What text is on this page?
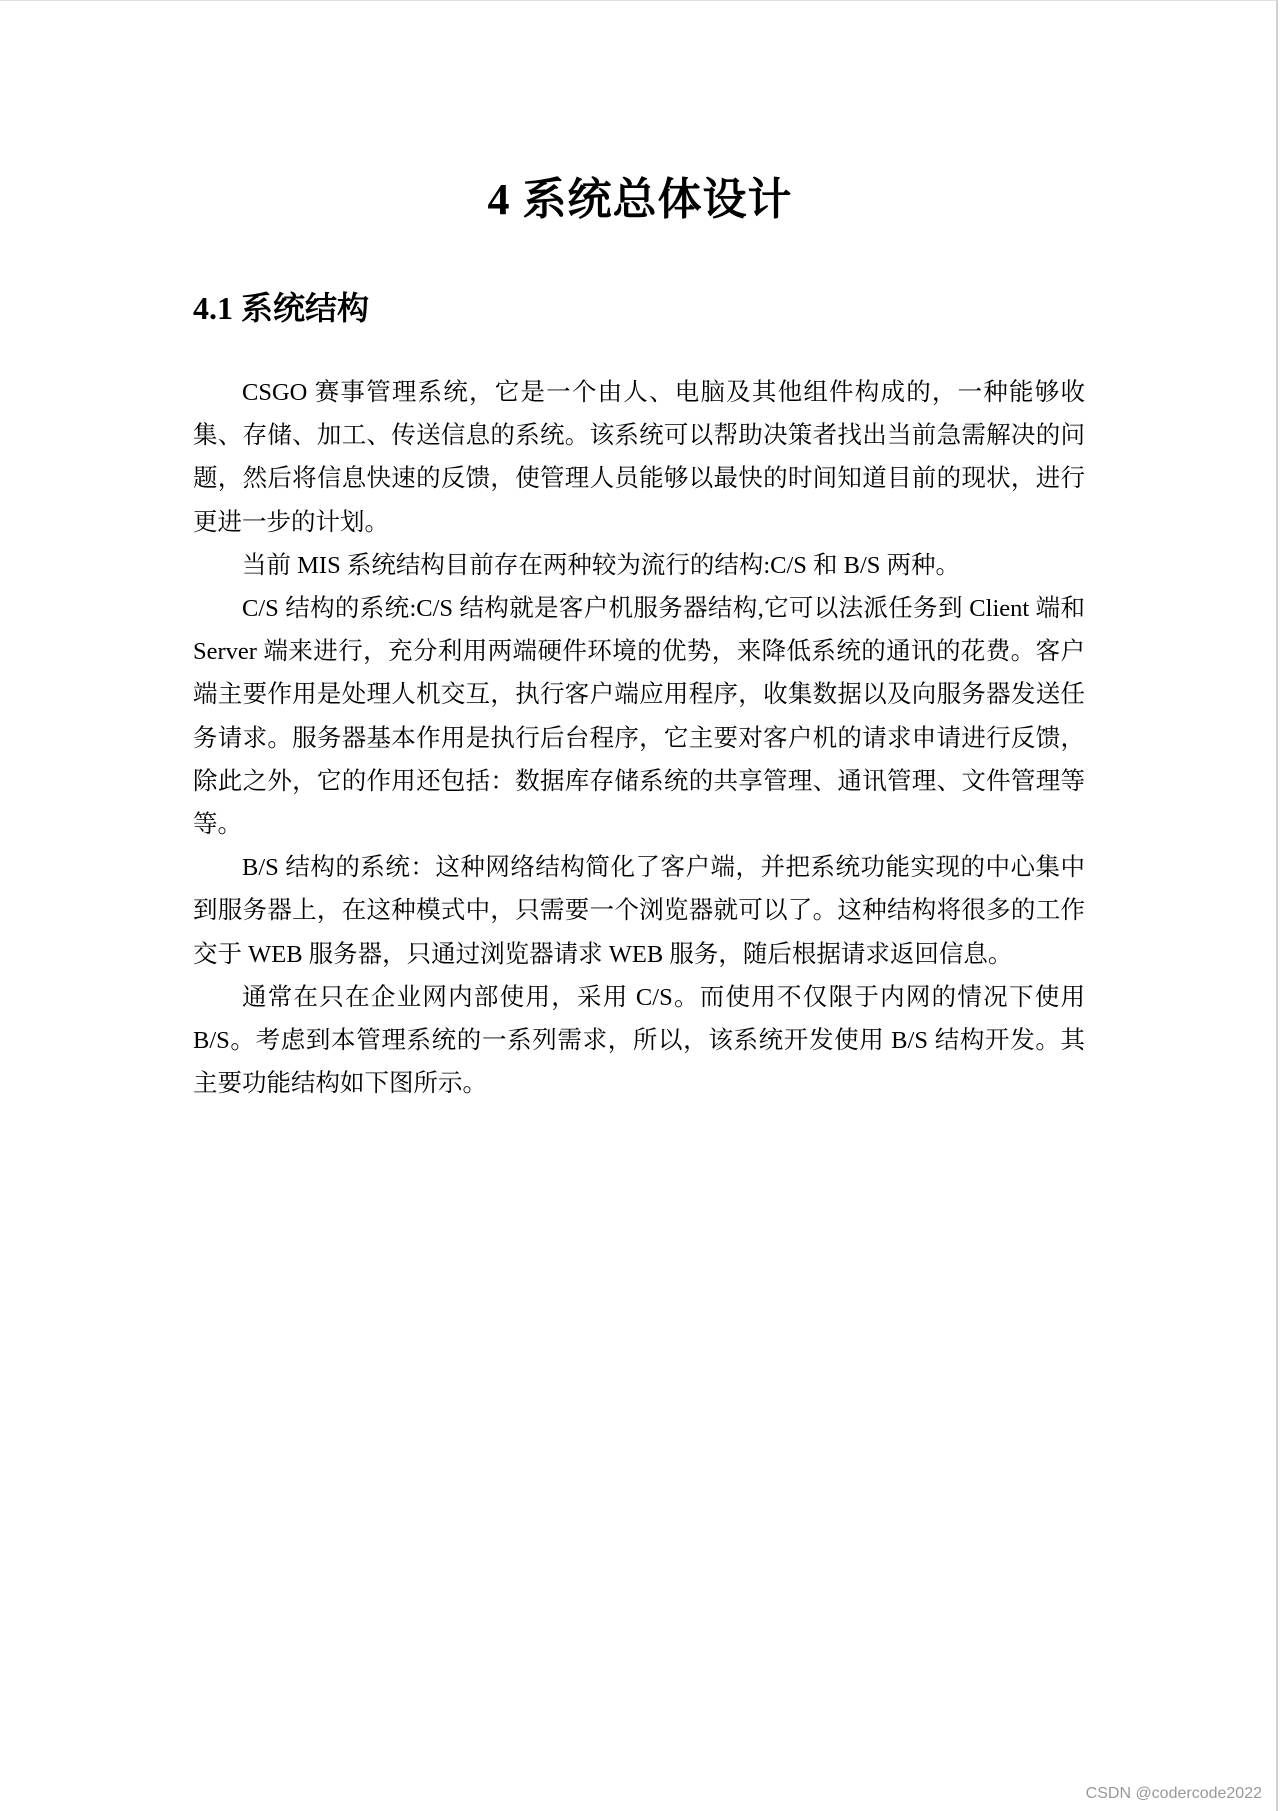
4 系统总体设计
4.1 系统结构

CSGO 赛事管理系统，它是一个由人、电脑及其他组件构成的，一种能够收集、存储、加工、传送信息的系统。该系统可以帮助决策者找出当前急需解决的问题，然后将信息快速的反馈，使管理人员能够以最快的时间知道目前的现状，进行更进一步的计划。

当前 MIS 系统结构目前存在两种较为流行的结构:C/S 和 B/S 两种。

C/S 结构的系统:C/S 结构就是客户机服务器结构,它可以法派任务到 Client 端和 Server 端来进行，充分利用两端硬件环境的优势，来降低系统的通讯的花费。客户端主要作用是处理人机交互，执行客户端应用程序，收集数据以及向服务器发送任务请求。服务器基本作用是执行后台程序，它主要对客户机的请求申请进行反馈，除此之外，它的作用还包括：数据库存储系统的共享管理、通讯管理、文件管理等等。

B/S 结构的系统：这种网络结构简化了客户端，并把系统功能实现的中心集中到服务器上，在这种模式中，只需要一个浏览器就可以了。这种结构将很多的工作交于 WEB 服务器，只通过浏览器请求 WEB 服务，随后根据请求返回信息。

通常在只在企业网内部使用，采用 C/S。而使用不仅限于内网的情况下使用 B/S。考虑到本管理系统的一系列需求，所以，该系统开发使用 B/S 结构开发。其主要功能结构如下图所示。

CSDN @codercode2022
